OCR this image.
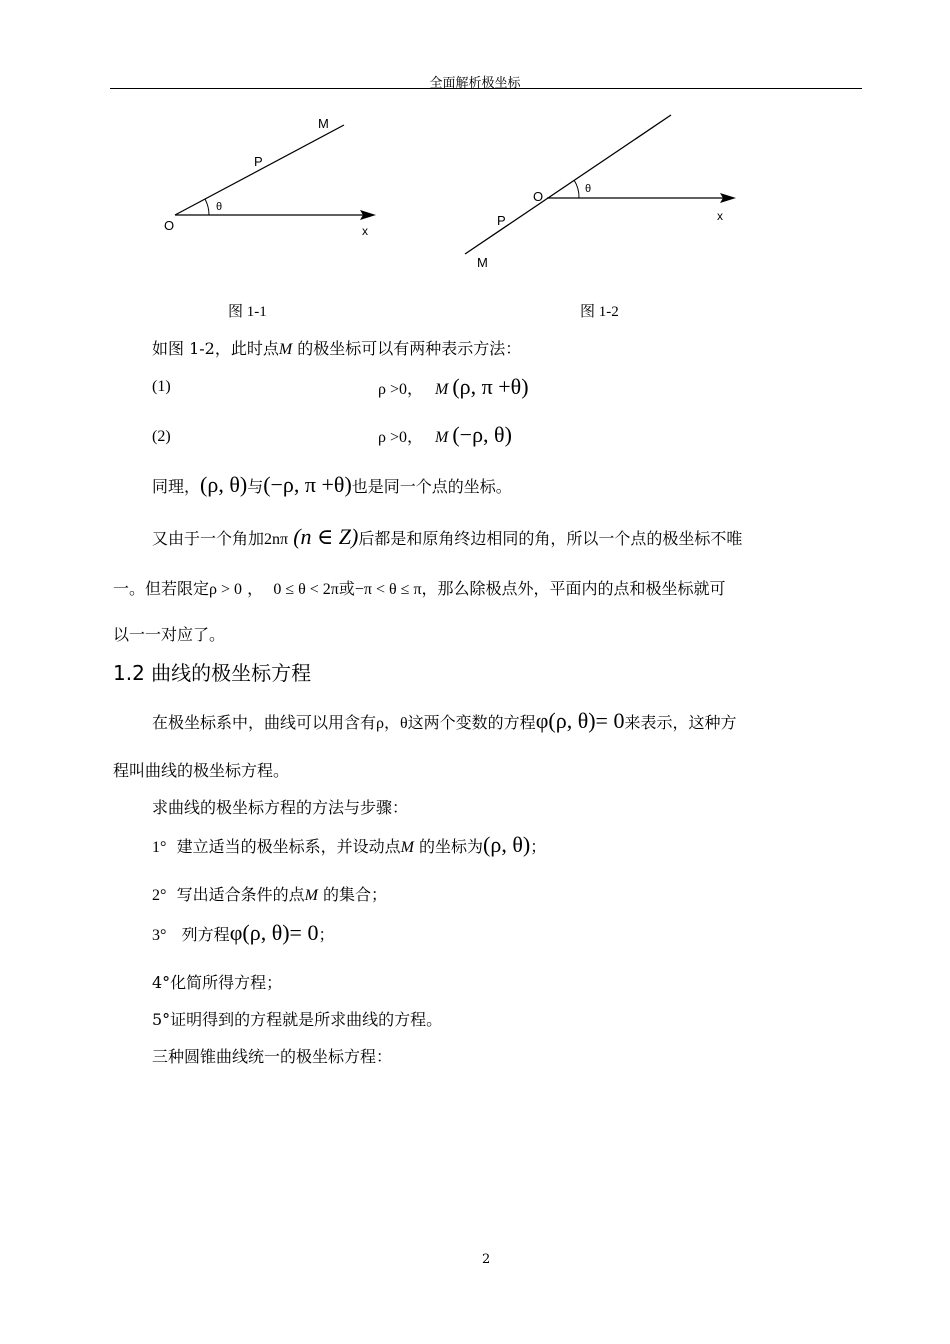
全面解析极坐标
M
P
O
θ
x
图 1-1
O	θ
P
M
x
图 1-2
如图 1-2，此时点M 的极坐标可以有两种表示方法：
(1)	ρ >0， M (ρ, π +θ)
(2)	ρ >0， M (−ρ, θ)
同理，(ρ, θ)与(−ρ, π +θ)也是同一个点的坐标。
又由于一个角加2nπ (n ∈ Z)后都是和原角终边相同的角，所以一个点的极坐标不唯
一。但若限定ρ > 0 ， 0 ≤ θ < 2π或−π < θ ≤ π，那么除极点外，平面内的点和极坐标就可
以一一对应了。
1.2 曲线的极坐标方程
在极坐标系中，曲线可以用含有ρ，θ这两个变数的方程φ(ρ, θ)= 0来表示，这种方
程叫曲线的极坐标方程。
求曲线的极坐标方程的方法与步骤：
1° 建立适当的极坐标系，并设动点M 的坐标为(ρ, θ)；
2° 写出适合条件的点M 的集合；
3° 列方程φ(ρ, θ)= 0；
4°化简所得方程；
5°证明得到的方程就是所求曲线的方程。
三种圆锥曲线统一的极坐标方程：
2
